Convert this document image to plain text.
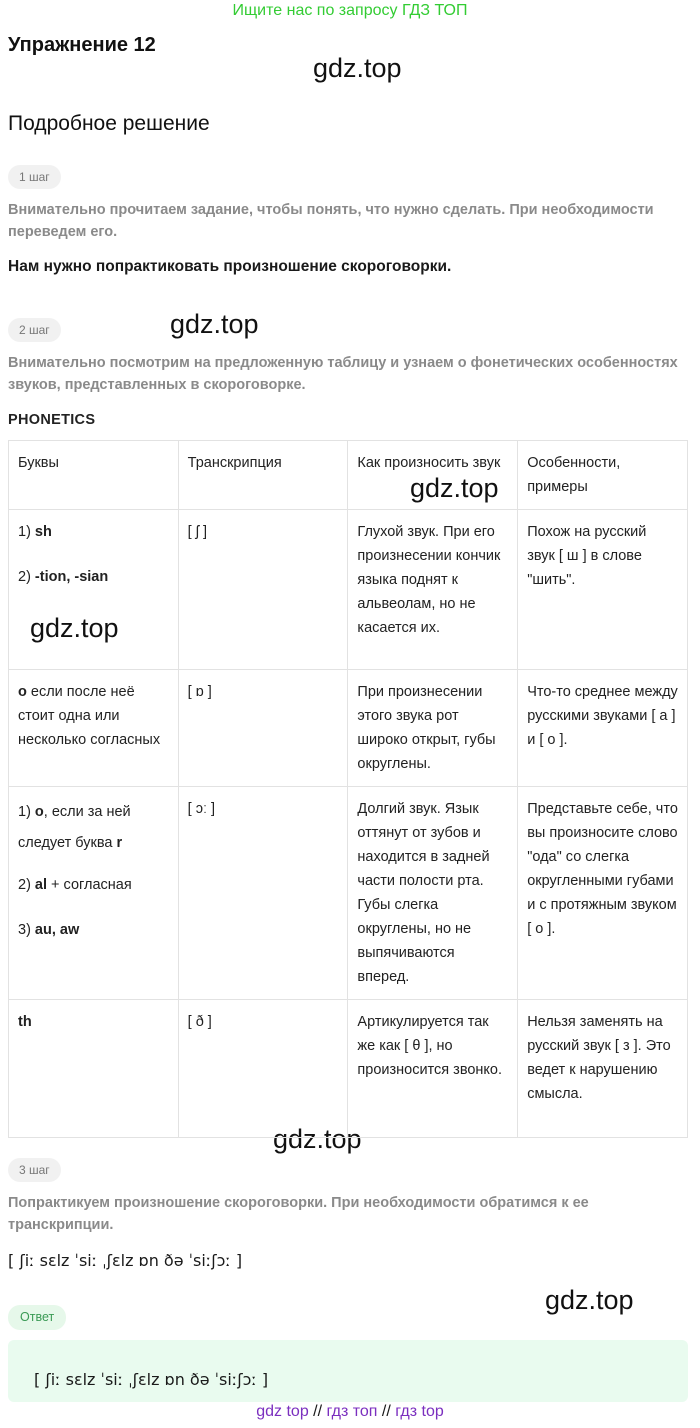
Ищите нас по запросу ГДЗ ТОП
Упражнение 12
gdz.top
gdz.top
gdz.top
gdz.top
gdz.top
gdz.top
Подробное решение
1 шаг
Внимательно прочитаем задание, чтобы понять, что нужно сделать. При необходимости переведем его.
Нам нужно попрактиковать произношение скороговорки.
2 шаг
Внимательно посмотрим на предложенную таблицу и узнаем о фонетических особенностях звуков, представленных в скороговорке.
PHONETICS
Буквы	Транскрипция	Как произносить звук	Особенности, примеры

1) sh
2) -tion, -sian	[ ʃ ]	Глухой звук. При его произнесении кончик языка поднят к альвеолам, но не касается их.	Похож на русский звук [ ш ] в слове "шить".

o если после неё стоит одна или несколько согласных	[ ɒ ]	При произнесении этого звука рот широко открыт, губы округлены.	Что-то среднее между русскими звуками [ а ] и [ о ].

1) o, если за ней следует буква r
2) al + согласная
3) au, aw	[ ɔː ]	Долгий звук. Язык оттянут от зубов и находится в задней части полости рта. Губы слегка округлены, но не выпячиваются вперед.	Представьте себе, что вы произносите слово "ода" со слегка округленными губами и с протяжным звуком [ о ].

th	[ ð ]	Артикулируется так же как [ θ ], но произносится звонко.	Нельзя заменять на русский звук [ з ]. Это ведет к нарушению смысла.
3 шаг
Попрактикуем произношение скороговорки. При необходимости обратимся к ее транскрипции.
[ ʃiː sɛlz ˈsiː ˌʃɛlz ɒn ðə ˈsiːʃɔː ]
Ответ
[ ʃiː sɛlz ˈsiː ˌʃɛlz ɒn ðə ˈsiːʃɔː ]
gdz top // гдз топ // гдз top
